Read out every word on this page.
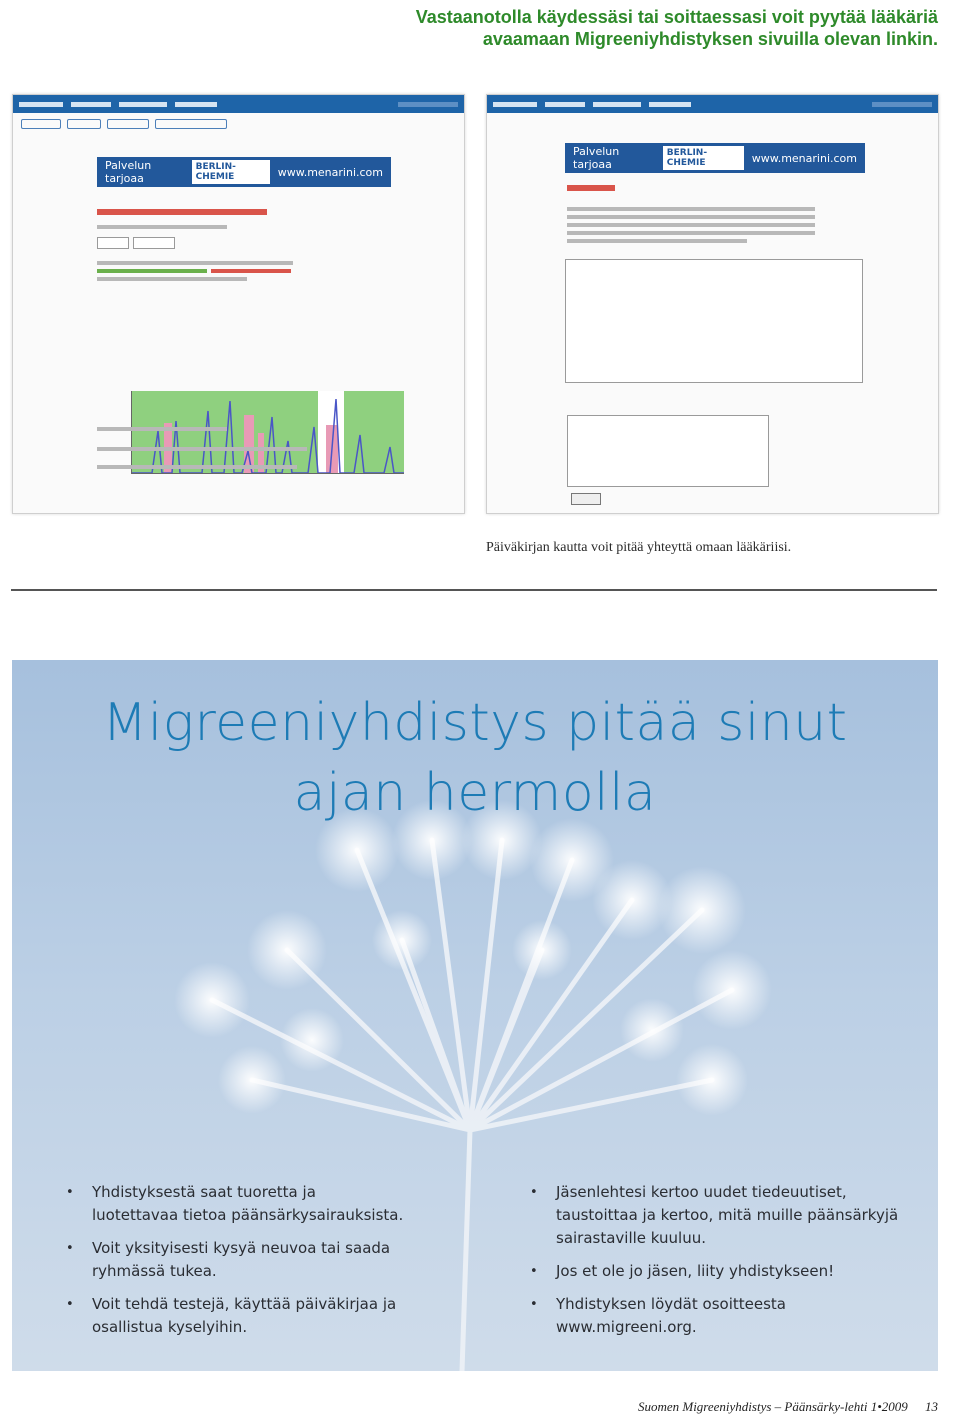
Vastaanotolla käydessäsi tai soittaessasi voit pyytää lääkäriä
avaamaan Migreeniyhdistyksen sivuilla olevan linkin.

Palvelun tarjoaa
BERLIN-CHEMIE	www.menarini.com
Palvelun tarjoaa
BERLIN-CHEMIE	www.menarini.com

Päiväkirjan kautta voit pitää yhteyttä omaan lääkäriisi.

Migreeniyhdistys pitää sinut
ajan hermolla
• Yhdistyksestä saat tuoretta ja luotettavaa tietoa päänsärkysairauksista.
• Voit yksityisesti kysyä neuvoa tai saada ryhmässä tukea.
• Voit tehdä testejä, käyttää päiväkirjaa ja osallistua kyselyihin.
• Jäsenlehtesi kertoo uudet tiedeuutiset, taustoittaa ja kertoo, mitä muille päänsärkyjä sairastaville kuuluu.
• Jos et ole jo jäsen, liity yhdistykseen!
• Yhdistyksen löydät osoitteesta www.migreeni.org.

Suomen Migreeniyhdistys – Päänsärky-lehti 1•2009 13
